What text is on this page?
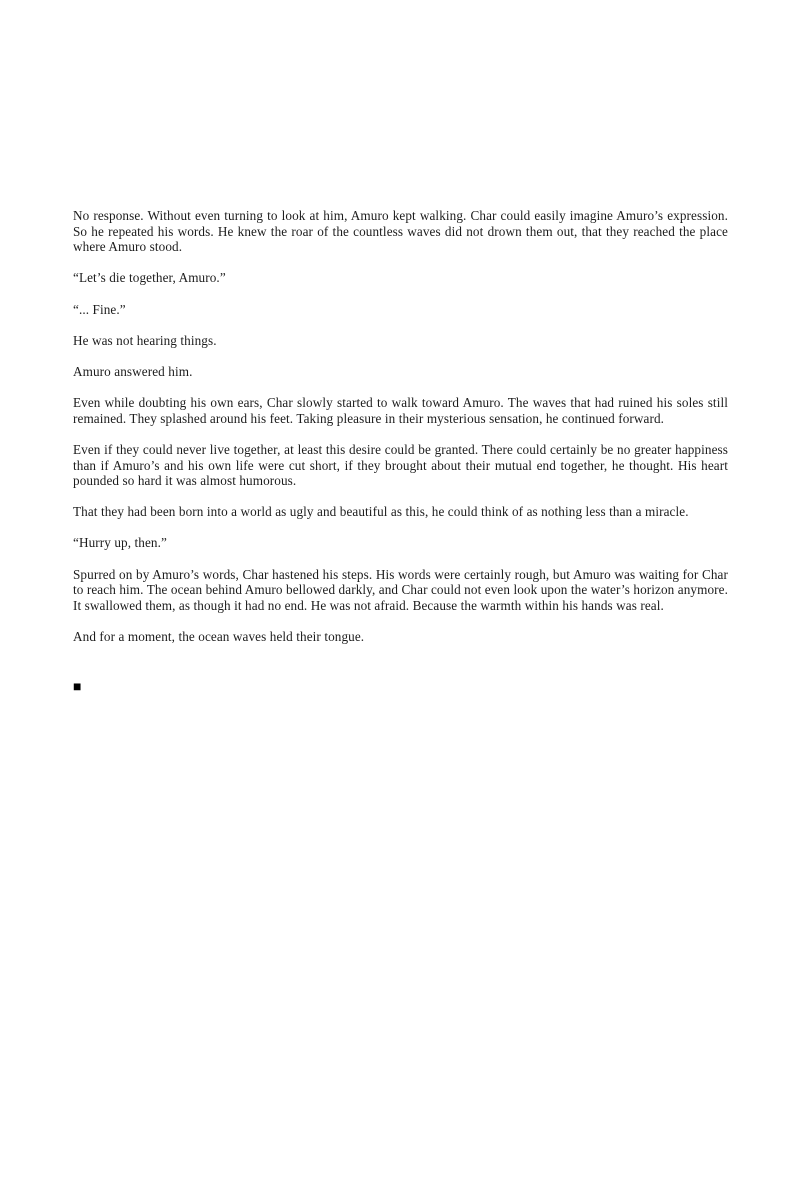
No response. Without even turning to look at him, Amuro kept walking. Char could easily imagine Amuro’s expression. So he repeated his words. He knew the roar of the countless waves did not drown them out, that they reached the place where Amuro stood.

“Let’s die together, Amuro.”

“... Fine.”

He was not hearing things.

Amuro answered him.

Even while doubting his own ears, Char slowly started to walk toward Amuro. The waves that had ruined his soles still remained. They splashed around his feet. Taking pleasure in their mysterious sensation, he continued forward.

Even if they could never live together, at least this desire could be granted. There could certainly be no greater happiness than if Amuro’s and his own life were cut short, if they brought about their mutual end together, he thought. His heart pounded so hard it was almost humorous.

That they had been born into a world as ugly and beautiful as this, he could think of as nothing less than a miracle.

“Hurry up, then.”

Spurred on by Amuro’s words, Char hastened his steps. His words were certainly rough, but Amuro was waiting for Char to reach him. The ocean behind Amuro bellowed darkly, and Char could not even look upon the water’s horizon anymore. It swallowed them, as though it had no end. He was not afraid. Because the warmth within his hands was real.

And for a moment, the ocean waves held their tongue.

■
